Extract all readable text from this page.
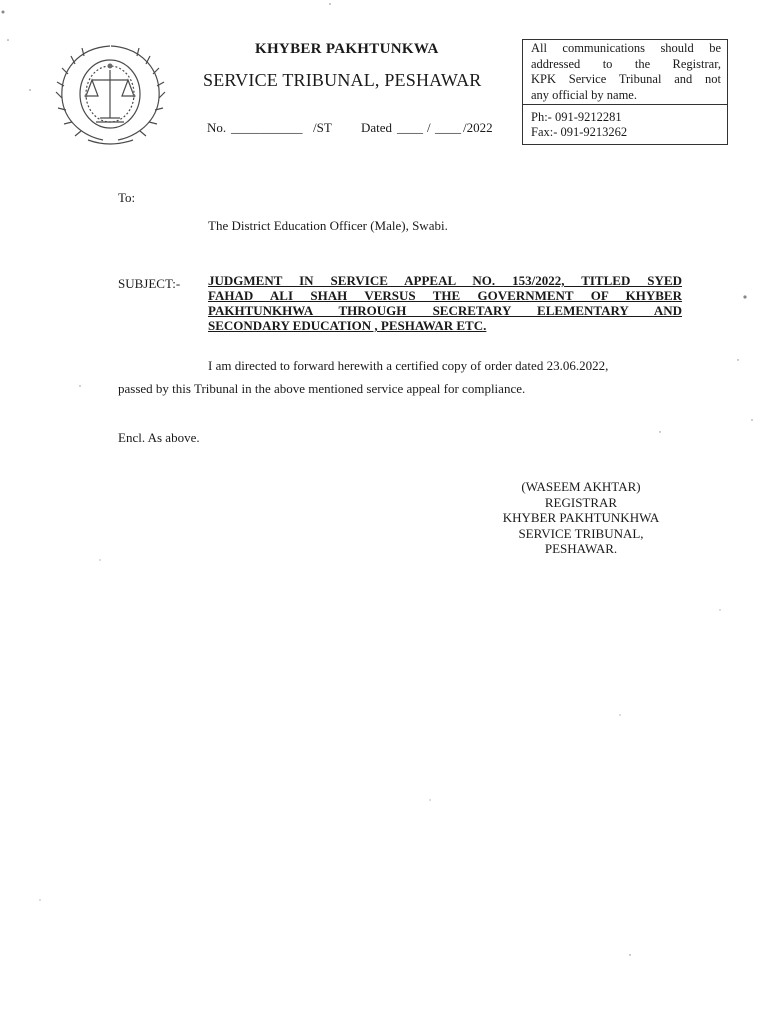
KHYBER PAKHTUNKWA
SERVICE TRIBUNAL, PESHAWAR
No. ___________ /ST Dated ____ / ____ /2022
All communications should be
addressed to the Registrar,
KPK Service Tribunal and not
any official by name.
Ph:- 091-9212281
Fax:- 091-9213262
To:
The District Education Officer (Male), Swabi.
SUBJECT:- JUDGMENT IN SERVICE APPEAL NO. 153/2022, TITLED SYED
FAHAD ALI SHAH VERSUS THE GOVERNMENT OF KHYBER
PAKHTUNKHWA THROUGH SECRETARY ELEMENTARY AND
SECONDARY EDUCATION , PESHAWAR ETC.
I am directed to forward herewith a certified copy of order dated 23.06.2022,
passed by this Tribunal in the above mentioned service appeal for compliance.
Encl. As above.
(WASEEM AKHTAR)
REGISTRAR
KHYBER PAKHTUNKHWA
SERVICE TRIBUNAL,
PESHAWAR.
